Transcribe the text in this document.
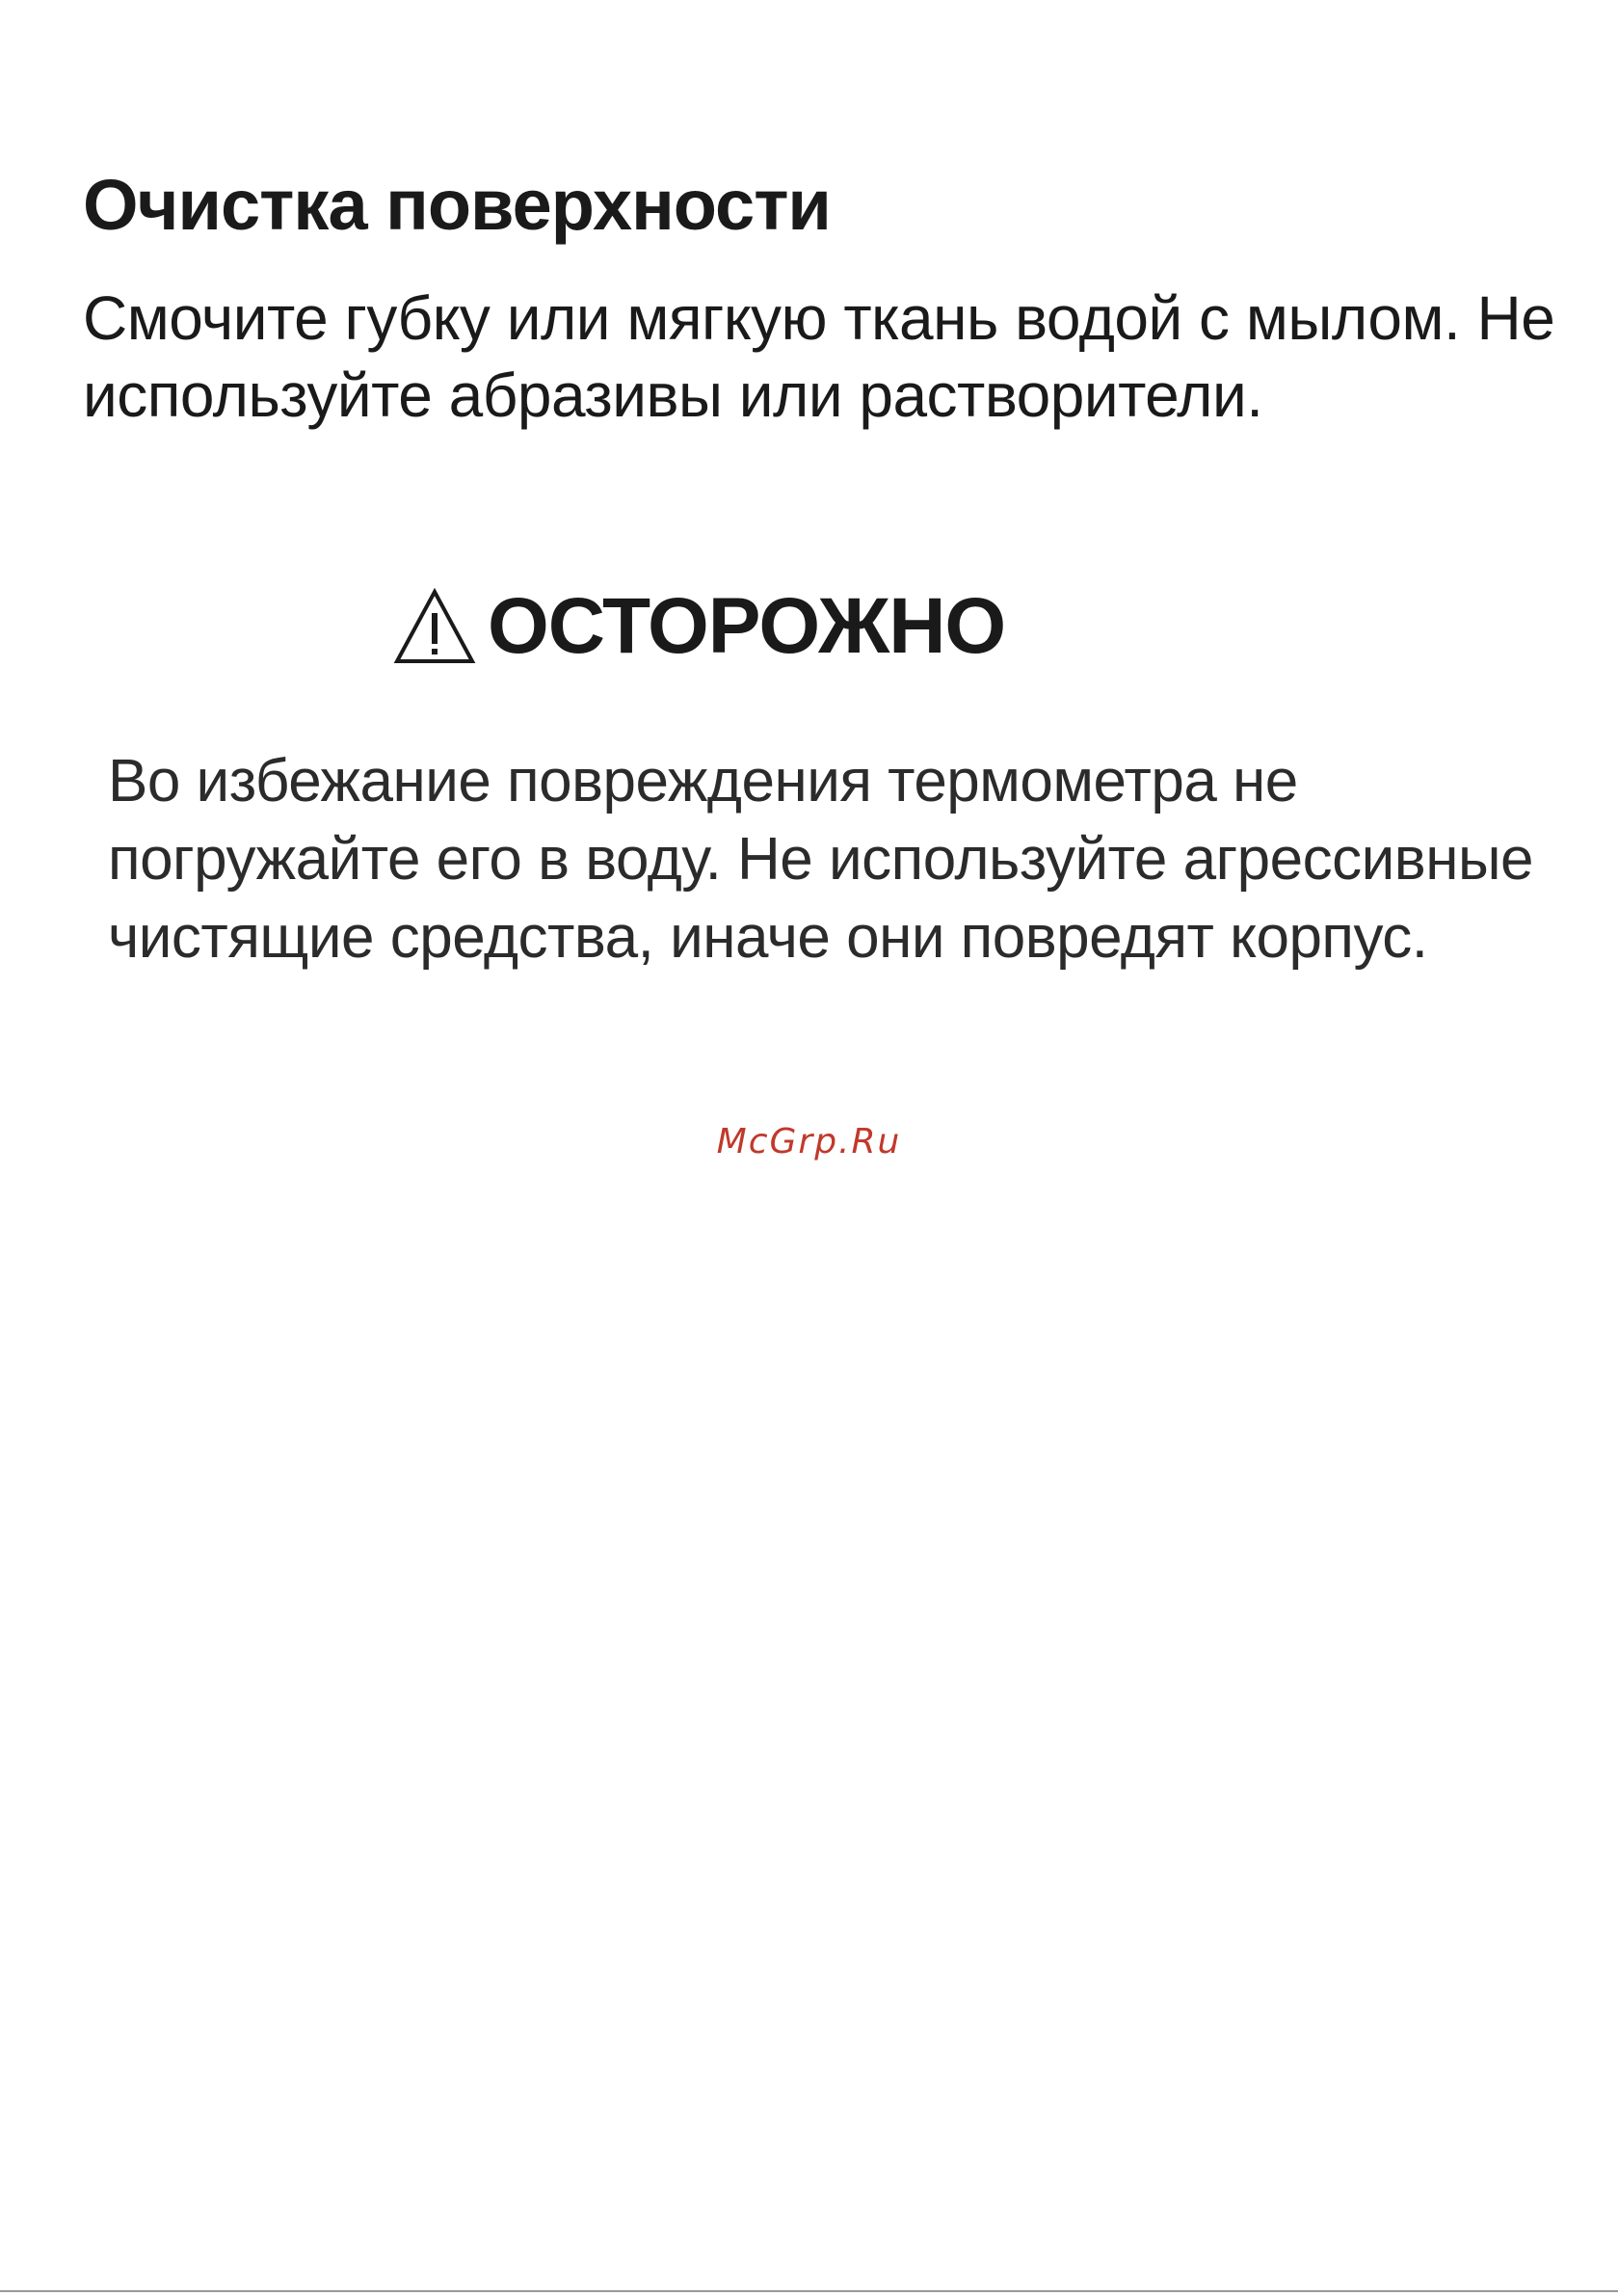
Очистка поверхности

Смочите губку или мягкую ткань водой с мылом. Не
используйте абразивы или растворители.

ОСТОРОЖНО

Во избежание повреждения термометра не
погружайте его в воду. Не используйте агрессивные
чистящие средства, иначе они повредят корпус.

McGrp.Ru
